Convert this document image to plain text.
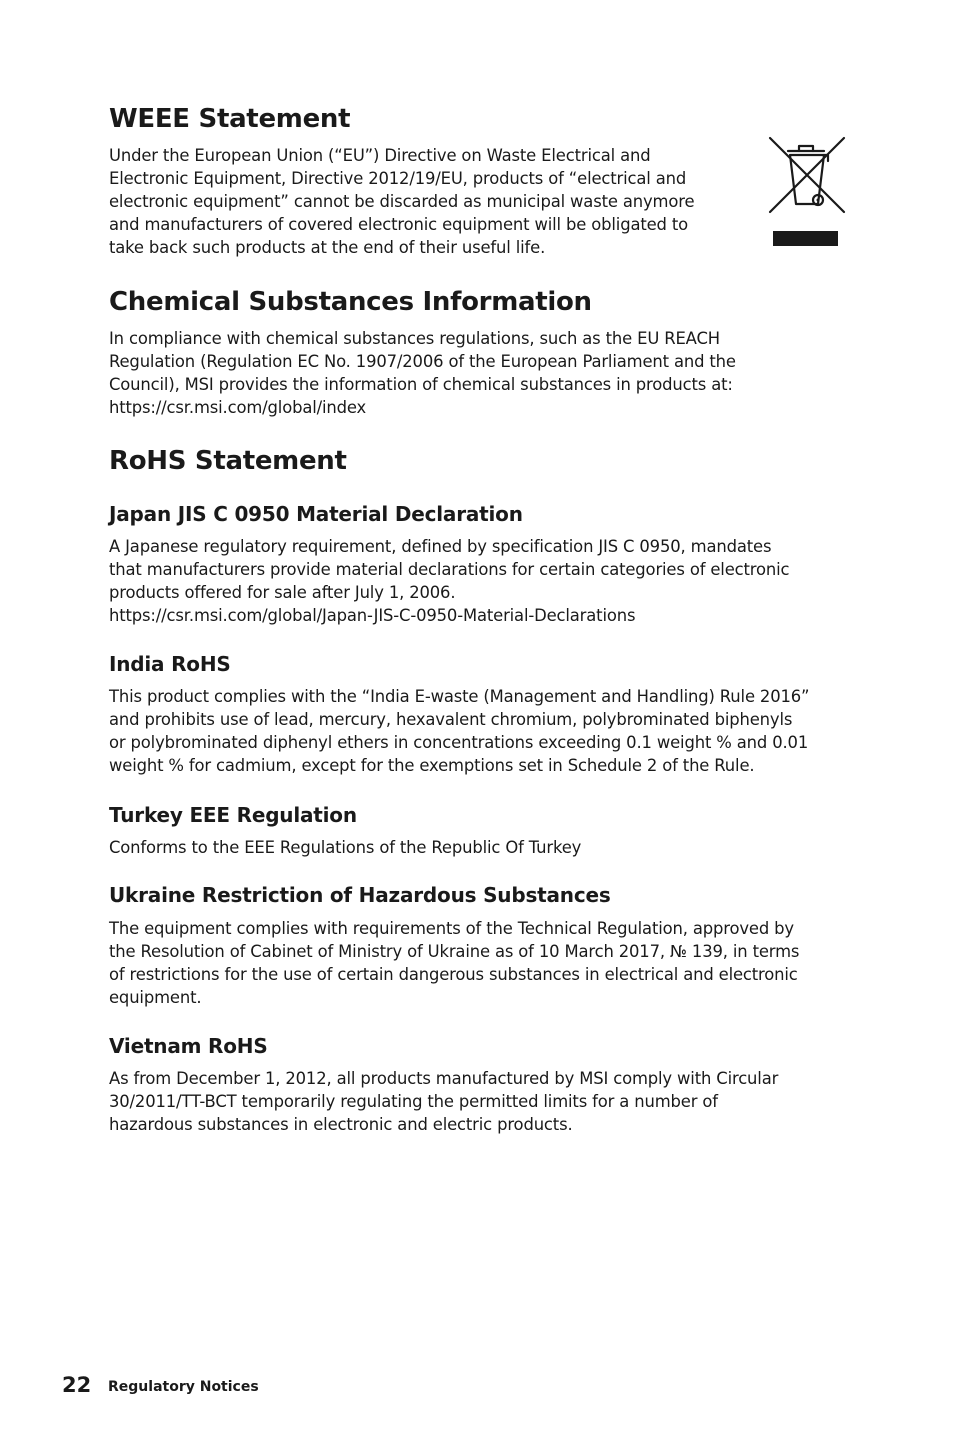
WEEE Statement
Under the European Union (“EU”) Directive on Waste Electrical and
Electronic Equipment, Directive 2012/19/EU, products of “electrical and
electronic equipment” cannot be discarded as municipal waste anymore
and manufacturers of covered electronic equipment will be obligated to
take back such products at the end of their useful life.
Chemical Substances Information
In compliance with chemical substances regulations, such as the EU REACH
Regulation (Regulation EC No. 1907/2006 of the European Parliament and the
Council), MSI provides the information of chemical substances in products at:
https://csr.msi.com/global/index
RoHS Statement
Japan JIS C 0950 Material Declaration
A Japanese regulatory requirement, defined by specification JIS C 0950, mandates
that manufacturers provide material declarations for certain categories of electronic
products offered for sale after July 1, 2006.
https://csr.msi.com/global/Japan-JIS-C-0950-Material-Declarations
India RoHS
This product complies with the “India E-waste (Management and Handling) Rule 2016”
and prohibits use of lead, mercury, hexavalent chromium, polybrominated biphenyls
or polybrominated diphenyl ethers in concentrations exceeding 0.1 weight % and 0.01
weight % for cadmium, except for the exemptions set in Schedule 2 of the Rule.
Turkey EEE Regulation
Conforms to the EEE Regulations of the Republic Of Turkey
Ukraine Restriction of Hazardous Substances
The equipment complies with requirements of the Technical Regulation, approved by
the Resolution of Cabinet of Ministry of Ukraine as of 10 March 2017, № 139, in terms
of restrictions for the use of certain dangerous substances in electrical and electronic
equipment.
Vietnam RoHS
As from December 1, 2012, all products manufactured by MSI comply with Circular
30/2011/TT-BCT temporarily regulating the permitted limits for a number of
hazardous substances in electronic and electric products.
22 Regulatory Notices
